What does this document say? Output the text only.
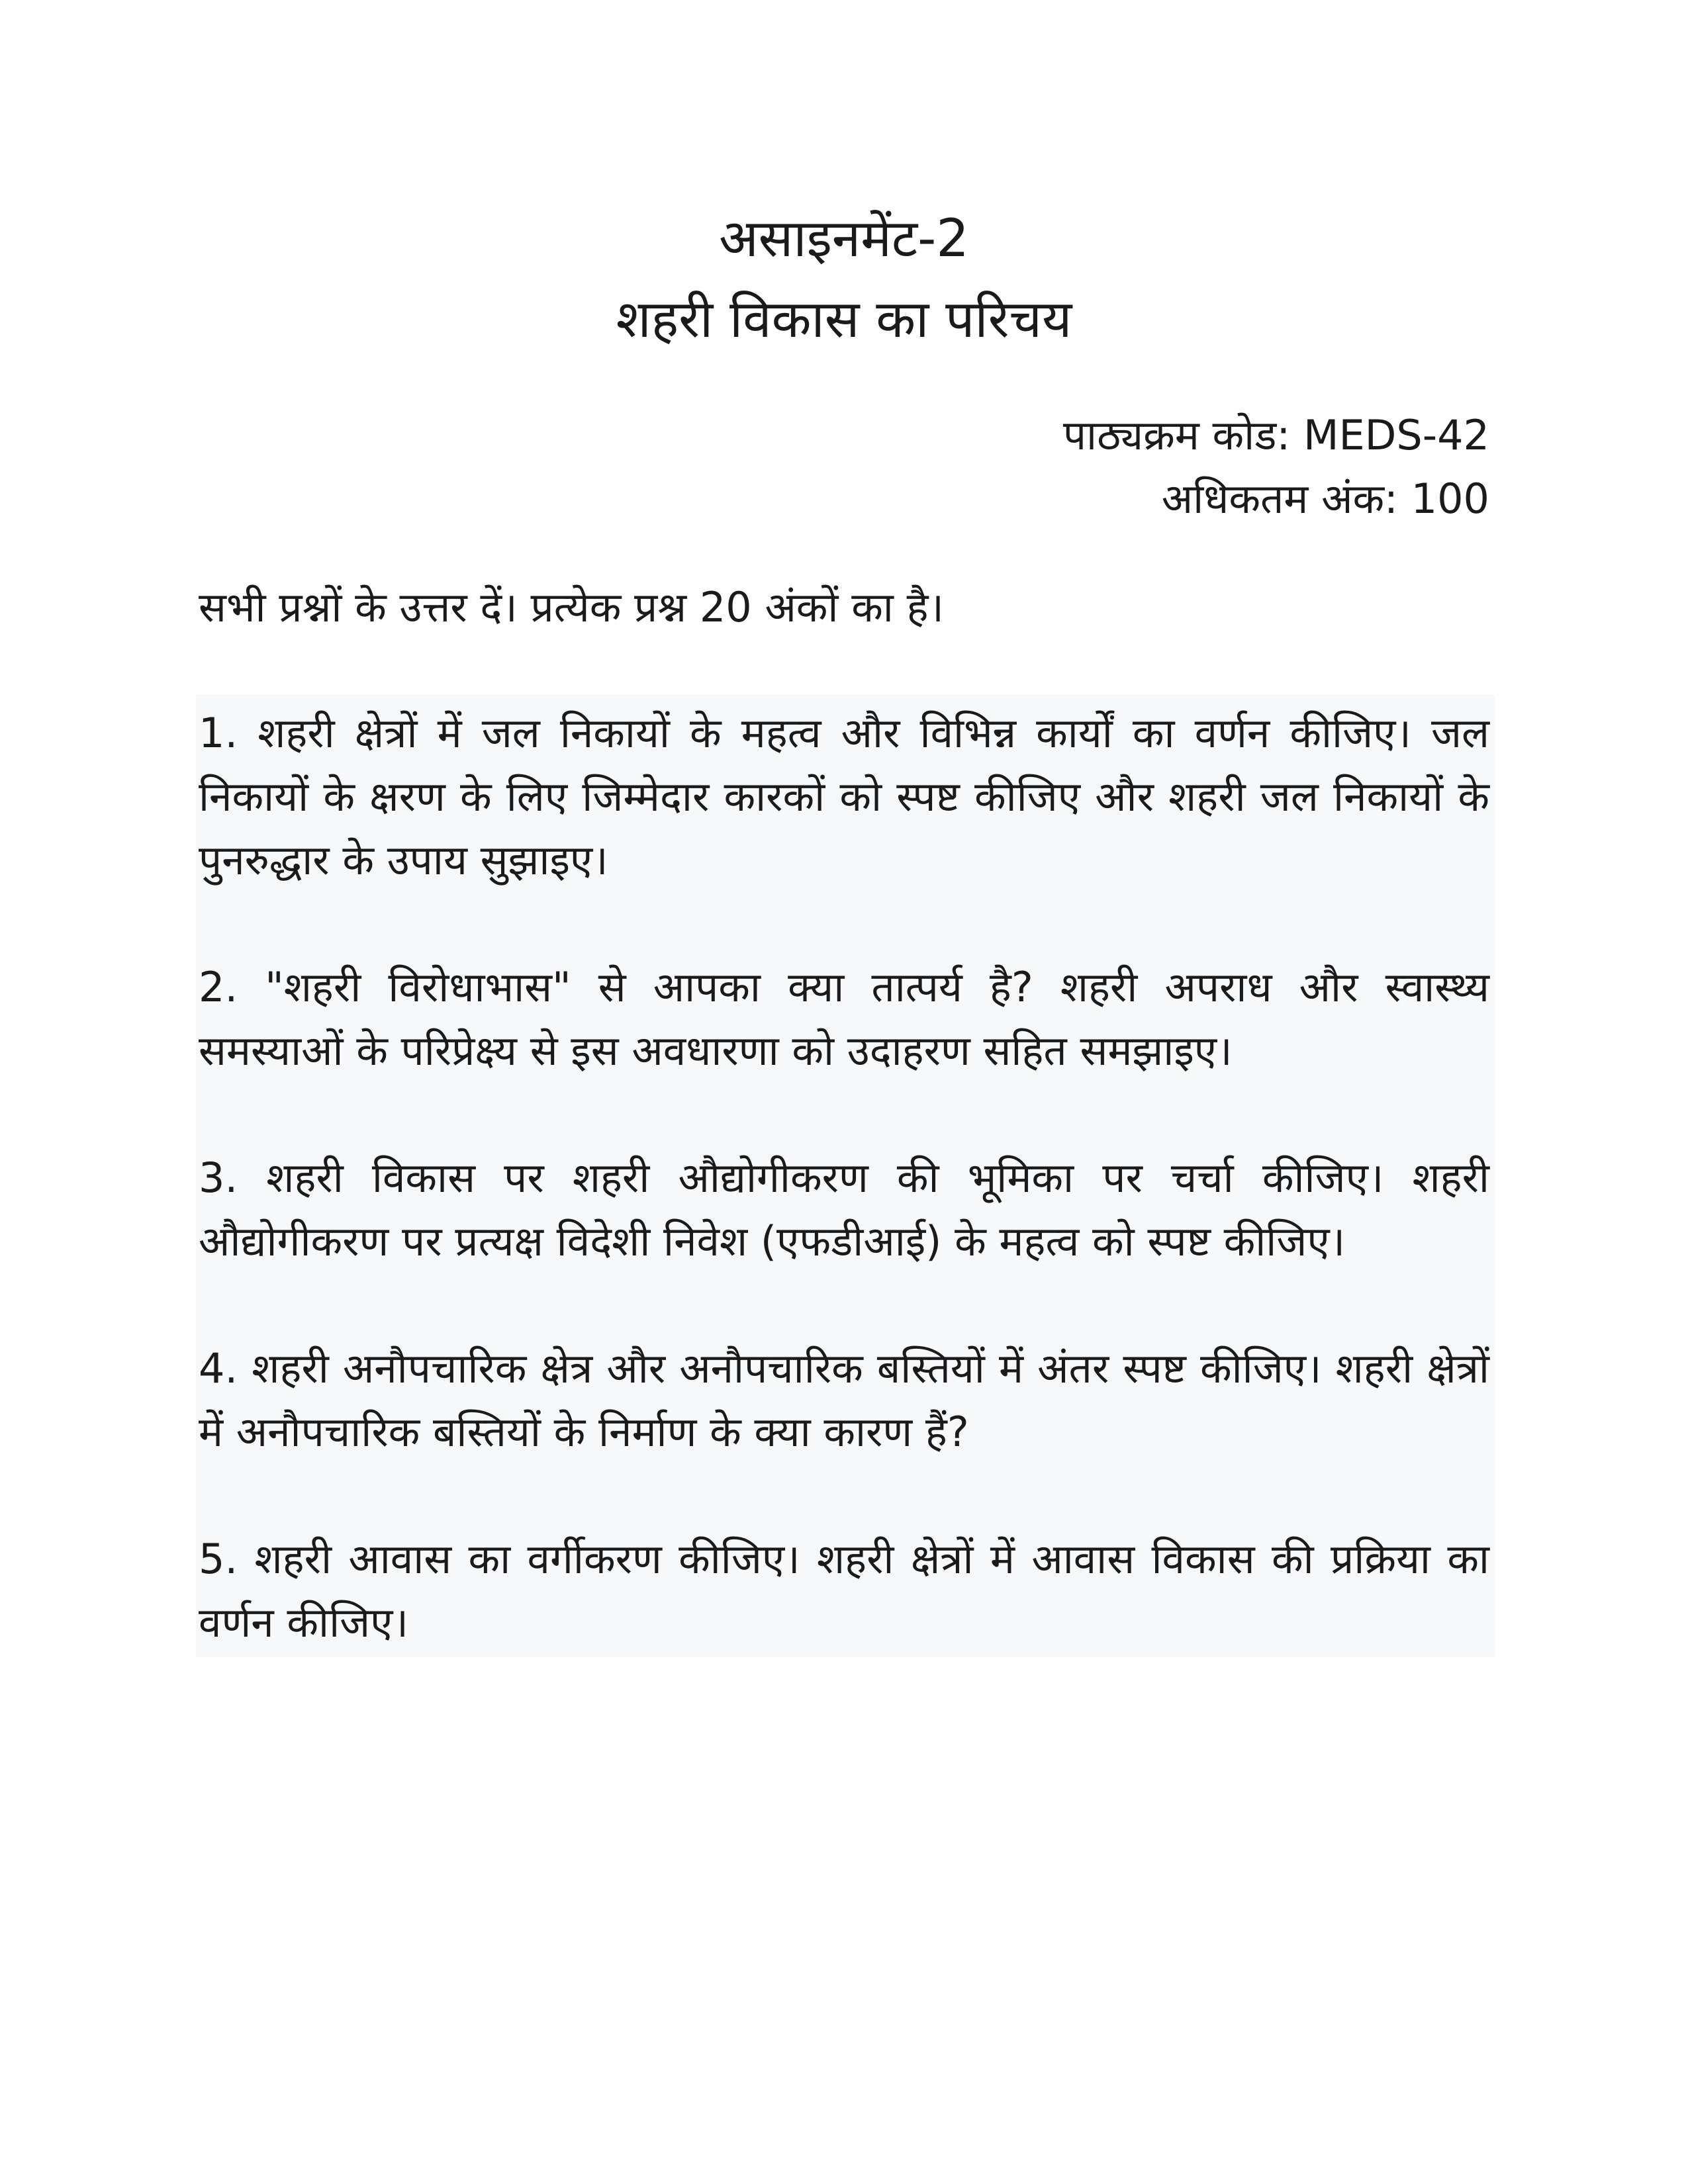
असाइनमेंट-2

शहरी विकास का परिचय

पाठ्यक्रम कोड: MEDS-42

अधिकतम अंक: 100

सभी प्रश्नों के उत्तर दें। प्रत्येक प्रश्न 20 अंकों का है।

1. शहरी क्षेत्रों में जल निकायों के महत्व और विभिन्न कार्यों का वर्णन कीजिए। जल निकायों के क्षरण के लिए जिम्मेदार कारकों को स्पष्ट कीजिए और शहरी जल निकायों के पुनरुद्धार के उपाय सुझाइए।

2. "शहरी विरोधाभास" से आपका क्या तात्पर्य है? शहरी अपराध और स्वास्थ्य समस्याओं के परिप्रेक्ष्य से इस अवधारणा को उदाहरण सहित समझाइए।

3. शहरी विकास पर शहरी औद्योगीकरण की भूमिका पर चर्चा कीजिए। शहरी औद्योगीकरण पर प्रत्यक्ष विदेशी निवेश (एफडीआई) के महत्व को स्पष्ट कीजिए।

4. शहरी अनौपचारिक क्षेत्र और अनौपचारिक बस्तियों में अंतर स्पष्ट कीजिए। शहरी क्षेत्रों में अनौपचारिक बस्तियों के निर्माण के क्या कारण हैं?

5. शहरी आवास का वर्गीकरण कीजिए। शहरी क्षेत्रों में आवास विकास की प्रक्रिया का वर्णन कीजिए।
